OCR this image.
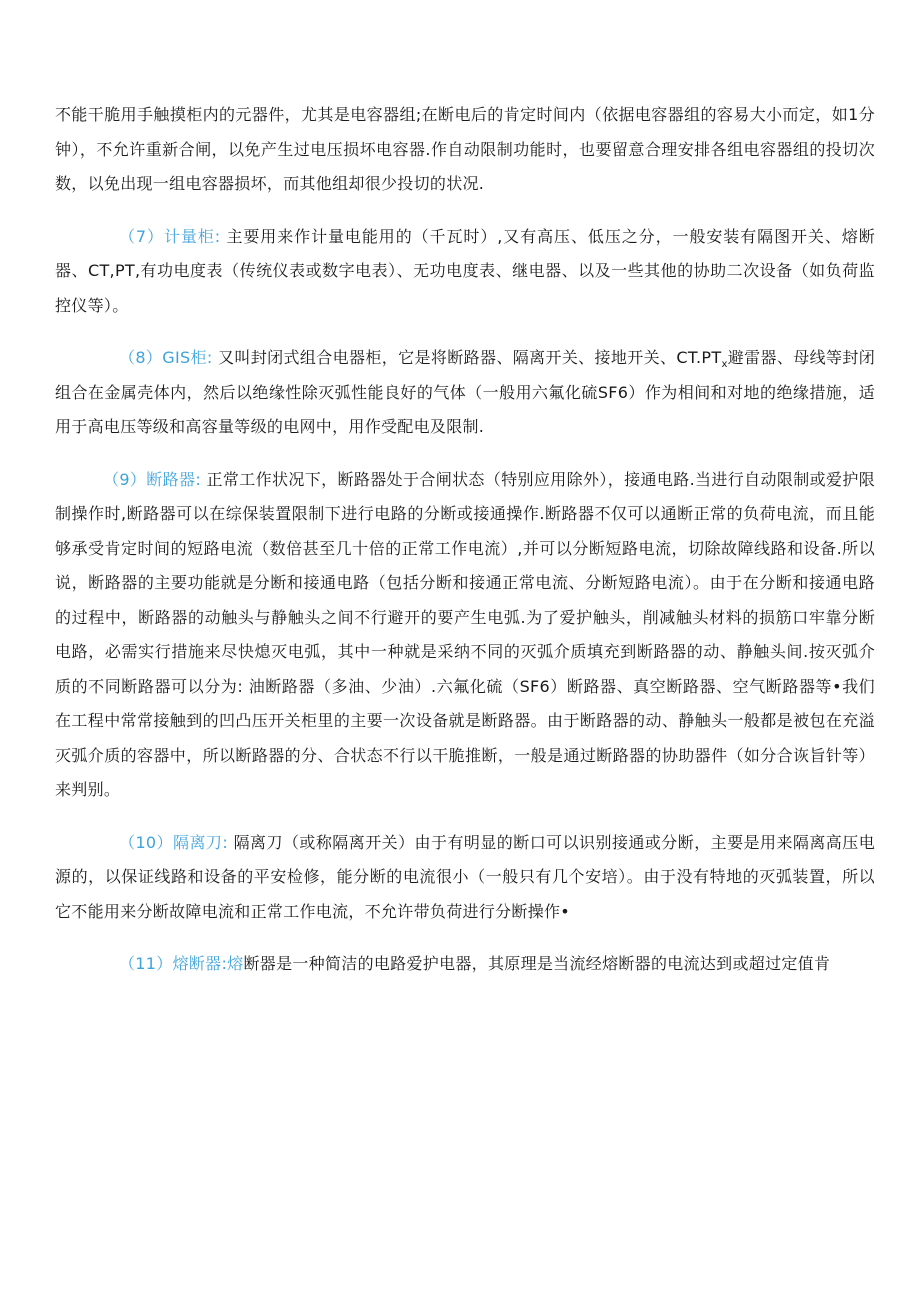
不能干脆用手触摸柜内的元器件，尤其是电容器组;在断电后的肯定时间内（依据电容器组的容易大小而定，如1分钟），不允许重新合闸，以免产生过电压损坏电容器.作自动限制功能时，也要留意合理安排各组电容器组的投切次数，以免出现一组电容器损坏，而其他组却很少投切的状况.

（7）计量柜: 主要用来作计量电能用的（千瓦时）,又有高压、低压之分，一般安装有隔图开关、熔断器、CT,PT,有功电度表（传统仪表或数字电表）、无功电度表、继电器、以及一些其他的协助二次设备（如负荷监控仪等）。

（8）GIS柜: 又叫封闭式组合电器柜，它是将断路器、隔离开关、接地开关、$CT.PT_x$避雷器、母线等封闭组合在金属壳体内，然后以绝缘性除灭弧性能良好的气体（一般用六氟化硫SF6）作为相间和对地的绝缘措施，适用于高电压等级和高容量等级的电网中，用作受配电及限制.

（9）断路器: 正常工作状况下，断路器处于合闸状态（特别应用除外），接通电路.当进行自动限制或爱护限制操作时,断路器可以在综保装置限制下进行电路的分断或接通操作.断路器不仅可以通断正常的负荷电流，而且能够承受肯定时间的短路电流（数倍甚至几十倍的正常工作电流）,并可以分断短路电流，切除故障线路和设备.所以说，断路器的主要功能就是分断和接通电路（包括分断和接通正常电流、分断短路电流）。由于在分断和接通电路的过程中，断路器的动触头与静触头之间不行避开的要产生电弧.为了爱护触头，削减触头材料的损筋口牢靠分断电路，必需实行措施来尽快熄灭电弧，其中一种就是采纳不同的灭弧介质填充到断路器的动、静触头间.按灭弧介质的不同断路器可以分为: 油断路器（多油、少油）.六氟化硫（SF6）断路器、真空断路器、空气断路器等•我们在工程中常常接触到的凹凸压开关柜里的主要一次设备就是断路器。由于断路器的动、静触头一般都是被包在充溢灭弧介质的容器中，所以断路器的分、合状态不行以干脆推断，一般是通过断路器的协助器件（如分合诙旨针等）来判别。

（10）隔离刀: 隔离刀（或称隔离开关）由于有明显的断口可以识别接通或分断，主要是用来隔离高压电源的，以保证线路和设备的平安检修，能分断的电流很小（一般只有几个安培）。由于没有特地的灭弧装置，所以它不能用来分断故障电流和正常工作电流，不允许带负荷进行分断操作•

（11）熔断器:熔断器是一种简洁的电路爱护电器，其原理是当流经熔断器的电流达到或超过定值肯
